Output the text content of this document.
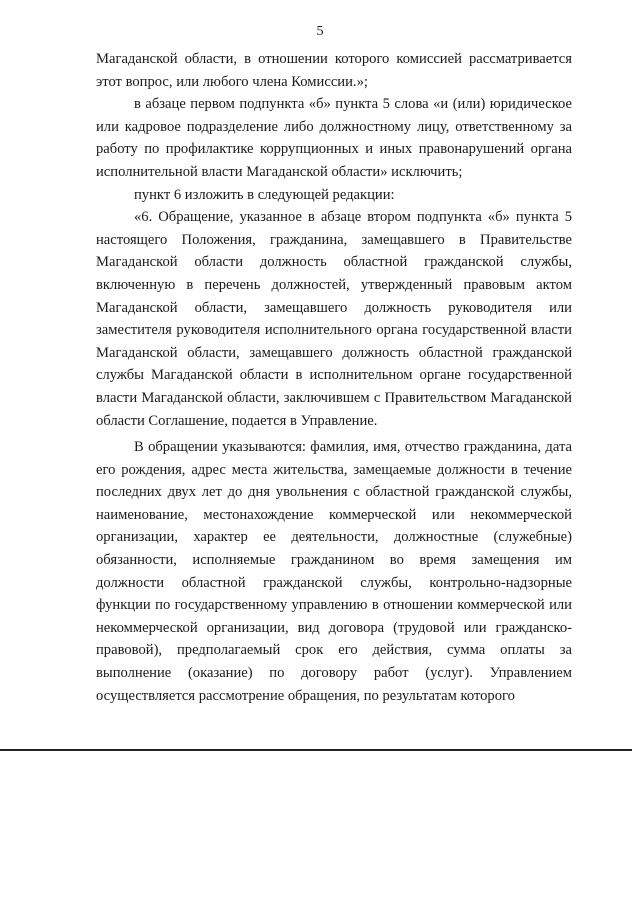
5

Магаданской области, в отношении которого комиссией рассматривается этот вопрос, или любого члена Комиссии.»;

в абзаце первом подпункта «б» пункта 5 слова «и (или) юридическое или кадровое подразделение либо должностному лицу, ответственному за работу по профилактике коррупционных и иных правонарушений органа исполнительной власти Магаданской области» исключить;

пункт 6 изложить в следующей редакции:

«6. Обращение, указанное в абзаце втором подпункта «б» пункта 5 настоящего Положения, гражданина, замещавшего в Правительстве Магаданской области должность областной гражданской службы, включенную в перечень должностей, утвержденный правовым актом Магаданской области, замещавшего должность руководителя или заместителя руководителя исполнительного органа государственной власти Магаданской области, замещавшего должность областной гражданской службы Магаданской области в исполнительном органе государственной власти Магаданской области, заключившем с Правительством Магаданской области Соглашение, подается в Управление.

В обращении указываются: фамилия, имя, отчество гражданина, дата его рождения, адрес места жительства, замещаемые должности в течение последних двух лет до дня увольнения с областной гражданской службы, наименование, местонахождение коммерческой или некоммерческой организации, характер ее деятельности, должностные (служебные) обязанности, исполняемые гражданином во время замещения им должности областной гражданской службы, контрольно-надзорные функции по государственному управлению в отношении коммерческой или некоммерческой организации, вид договора (трудовой или гражданско-правовой), предполагаемый срок его действия, сумма оплаты за выполнение (оказание) по договору работ (услуг). Управлением осуществляется рассмотрение обращения, по результатам которого
